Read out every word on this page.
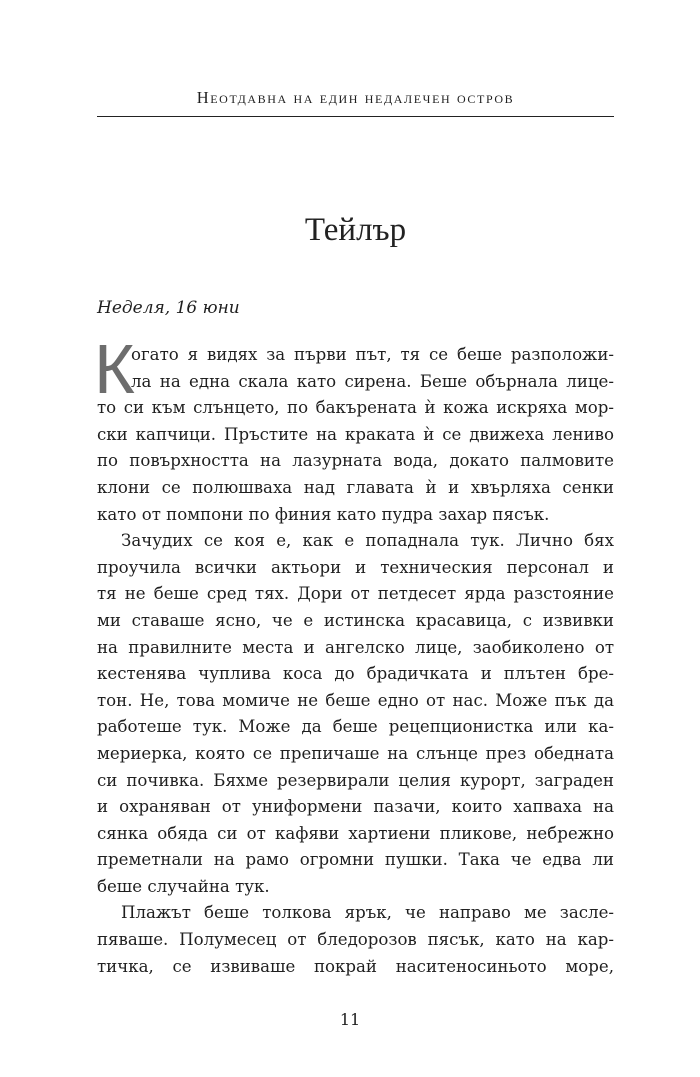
Неотдавна на един недалечен остров
Тейлър
Неделя, 16 юни
К
огато я видях за първи път, тя се беше разположи-
ла на една скала като сирена. Беше обърнала лице-
то си към слънцето, по бакърената ѝ кожа искряха мор-
ски капчици. Пръстите на краката ѝ се движеха лениво
по повърхността на лазурната вода, докато палмовите
клони се полюшваха над главата ѝ и хвърляха сенки
като от помпони по финия като пудра захар пясък.
Зачудих се коя е, как е попаднала тук. Лично бях
проучила всички актьори и техническия персонал и
тя не беше сред тях. Дори от петдесет ярда разстояние
ми ставаше ясно, че е истинска красавица, с извивки
на правилните места и ангелско лице, заобиколено от
кестенява чуплива коса до брадичката и плътен бре-
тон. Не, това момиче не беше едно от нас. Може пък да
работеше тук. Може да беше рецепционистка или ка-
мериерка, която се препичаше на слънце през обедната
си почивка. Бяхме резервирали целия курорт, заграден
и охраняван от униформени пазачи, които хапваха на
сянка обяда си от кафяви хартиени пликове, небрежно
преметнали на рамо огромни пушки. Така че едва ли
беше случайна тук.
Плажът беше толкова ярък, че направо ме засле-
пяваше. Полумесец от бледорозов пясък, като на кар-
тичка, се извиваше покрай наситеносиньото море,
11
